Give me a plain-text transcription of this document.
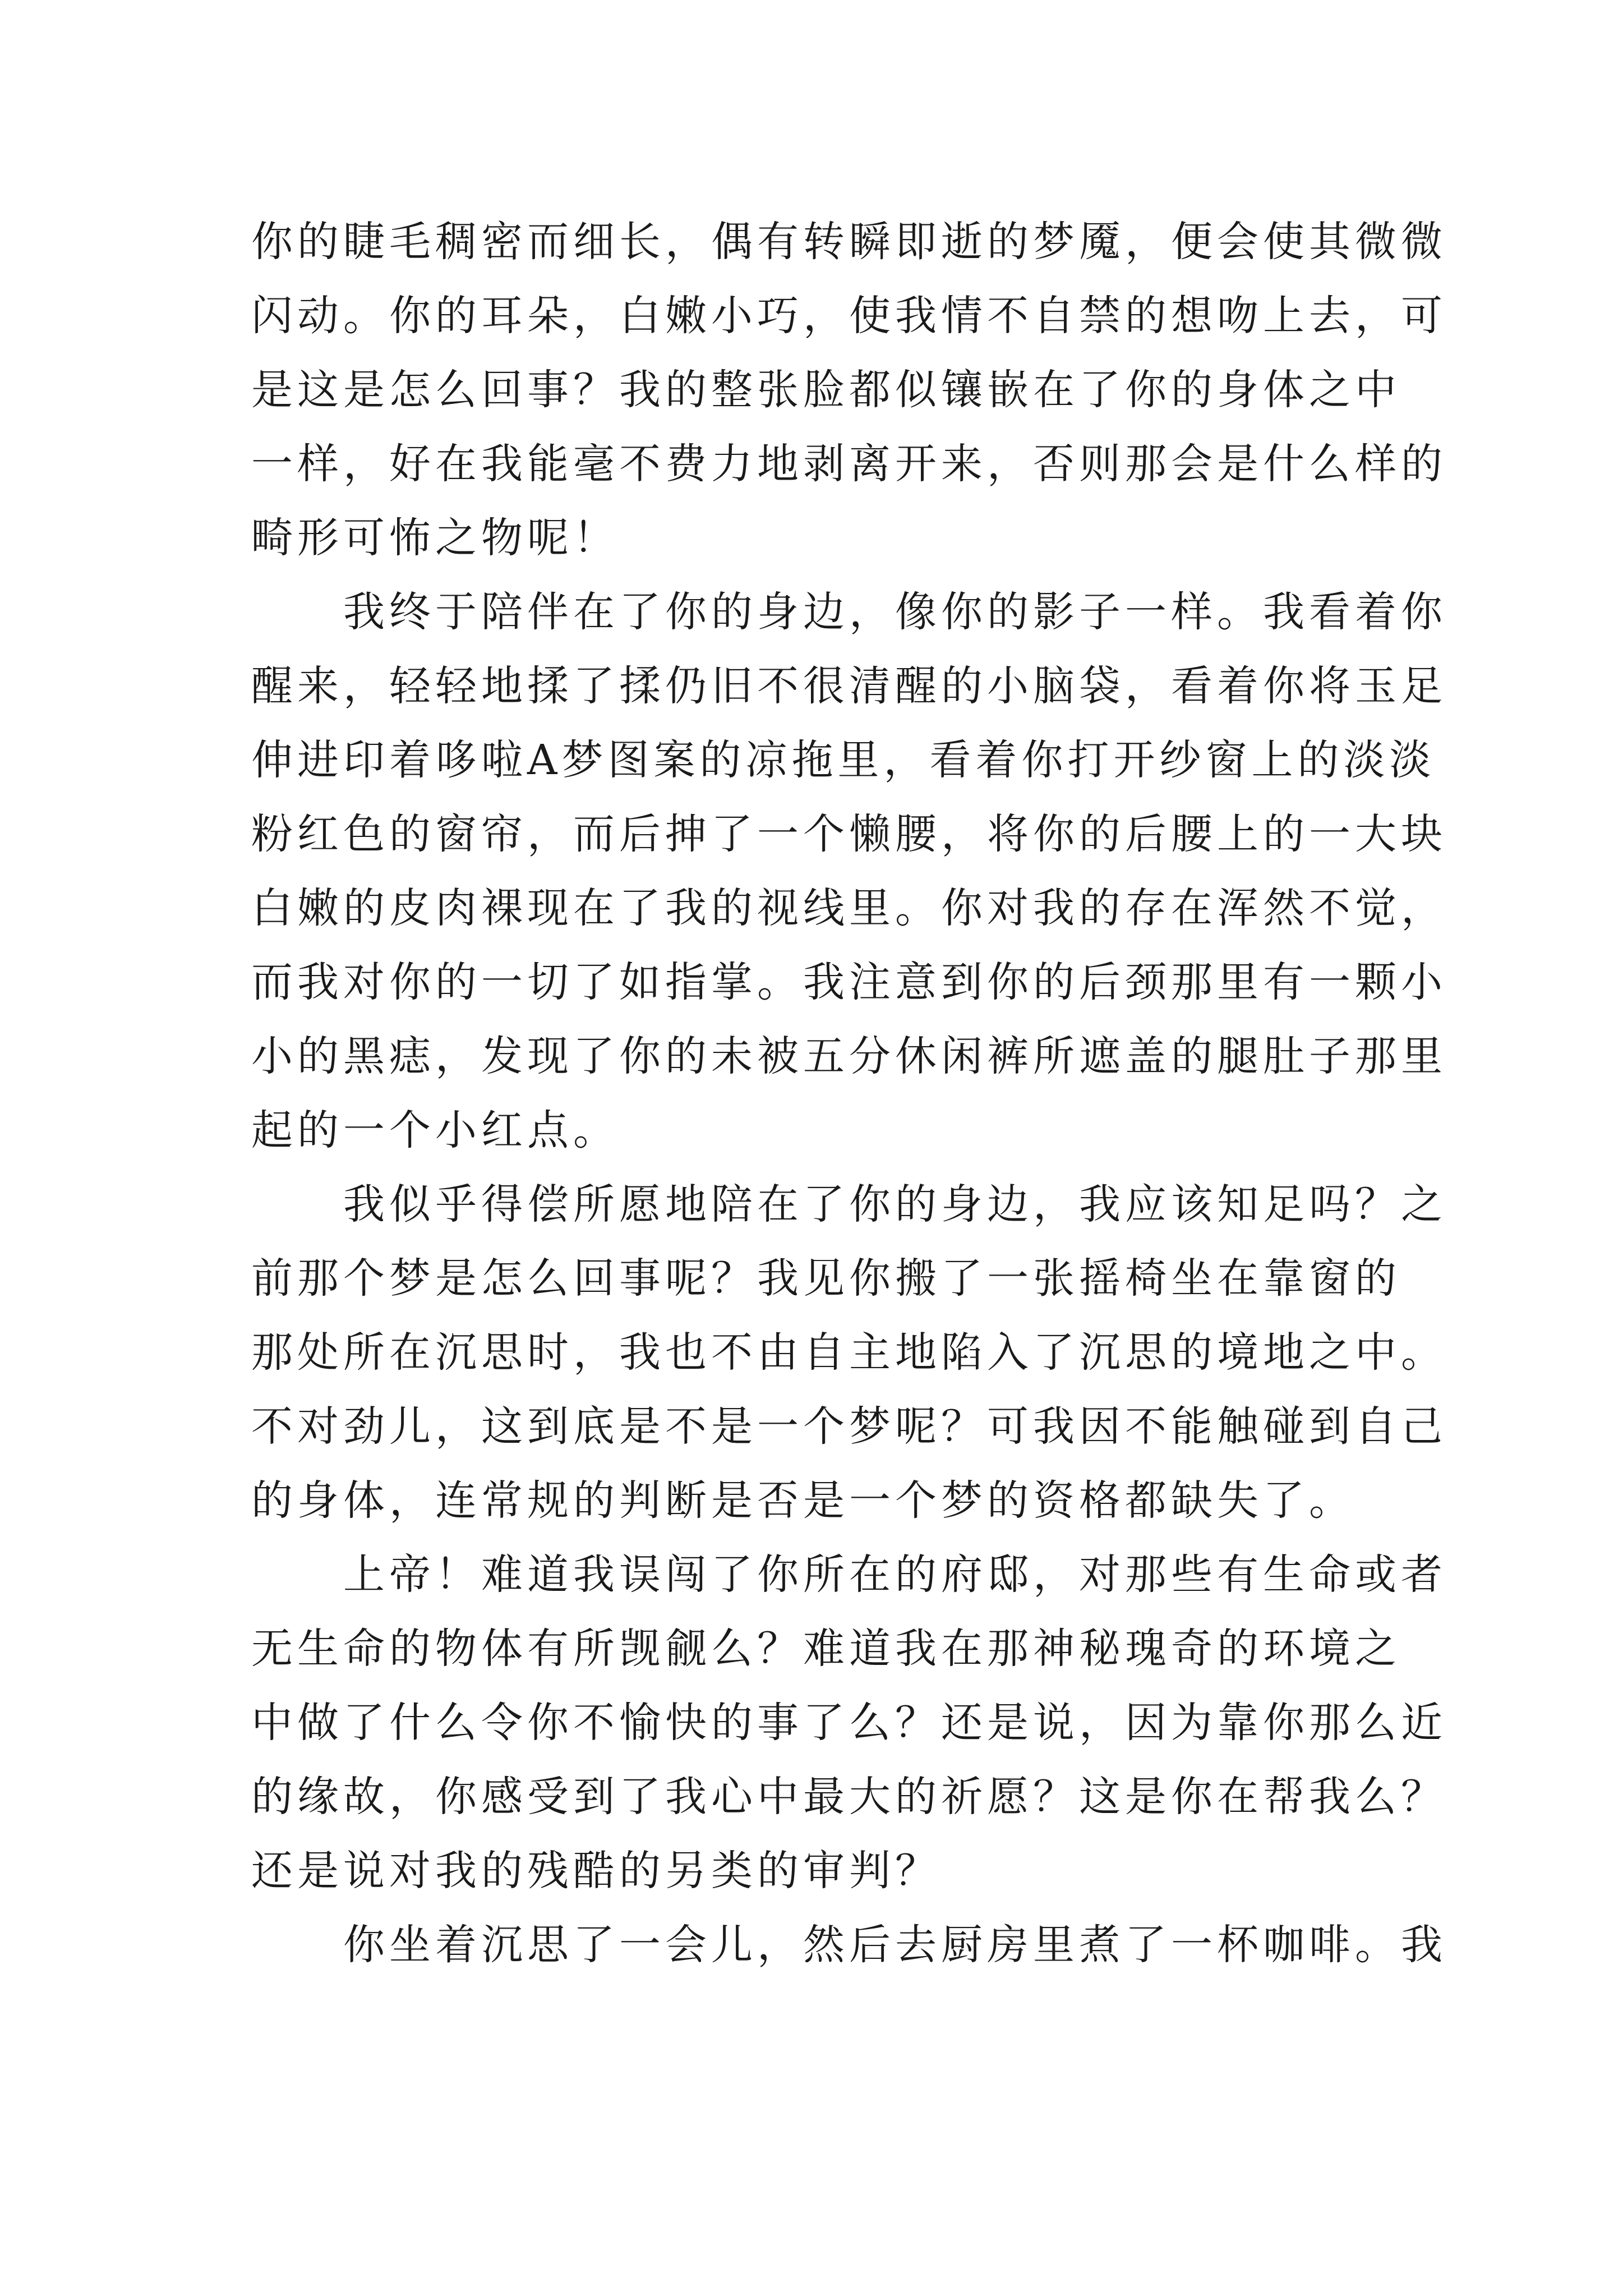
你的睫毛稠密而细长，偶有转瞬即逝的梦魇，便会使其微微
闪动。你的耳朵，白嫩小巧，使我情不自禁的想吻上去，可
是这是怎么回事？我的整张脸都似镶嵌在了你的身体之中
一样，好在我能毫不费力地剥离开来，否则那会是什么样的
畸形可怖之物呢！
　　我终于陪伴在了你的身边，像你的影子一样。我看着你
醒来，轻轻地揉了揉仍旧不很清醒的小脑袋，看着你将玉足
伸进印着哆啦A梦图案的凉拖里，看着你打开纱窗上的淡淡
粉红色的窗帘，而后抻了一个懒腰，将你的后腰上的一大块
白嫩的皮肉裸现在了我的视线里。你对我的存在浑然不觉，
而我对你的一切了如指掌。我注意到你的后颈那里有一颗小
小的黑痣，发现了你的未被五分休闲裤所遮盖的腿肚子那里
起的一个小红点。
　　我似乎得偿所愿地陪在了你的身边，我应该知足吗？之
前那个梦是怎么回事呢？我见你搬了一张摇椅坐在靠窗的
那处所在沉思时，我也不由自主地陷入了沉思的境地之中。
不对劲儿，这到底是不是一个梦呢？可我因不能触碰到自己
的身体，连常规的判断是否是一个梦的资格都缺失了。
　　上帝！难道我误闯了你所在的府邸，对那些有生命或者
无生命的物体有所觊觎么？难道我在那神秘瑰奇的环境之
中做了什么令你不愉快的事了么？还是说，因为靠你那么近
的缘故，你感受到了我心中最大的祈愿？这是你在帮我么？
还是说对我的残酷的另类的审判？
　　你坐着沉思了一会儿，然后去厨房里煮了一杯咖啡。我
